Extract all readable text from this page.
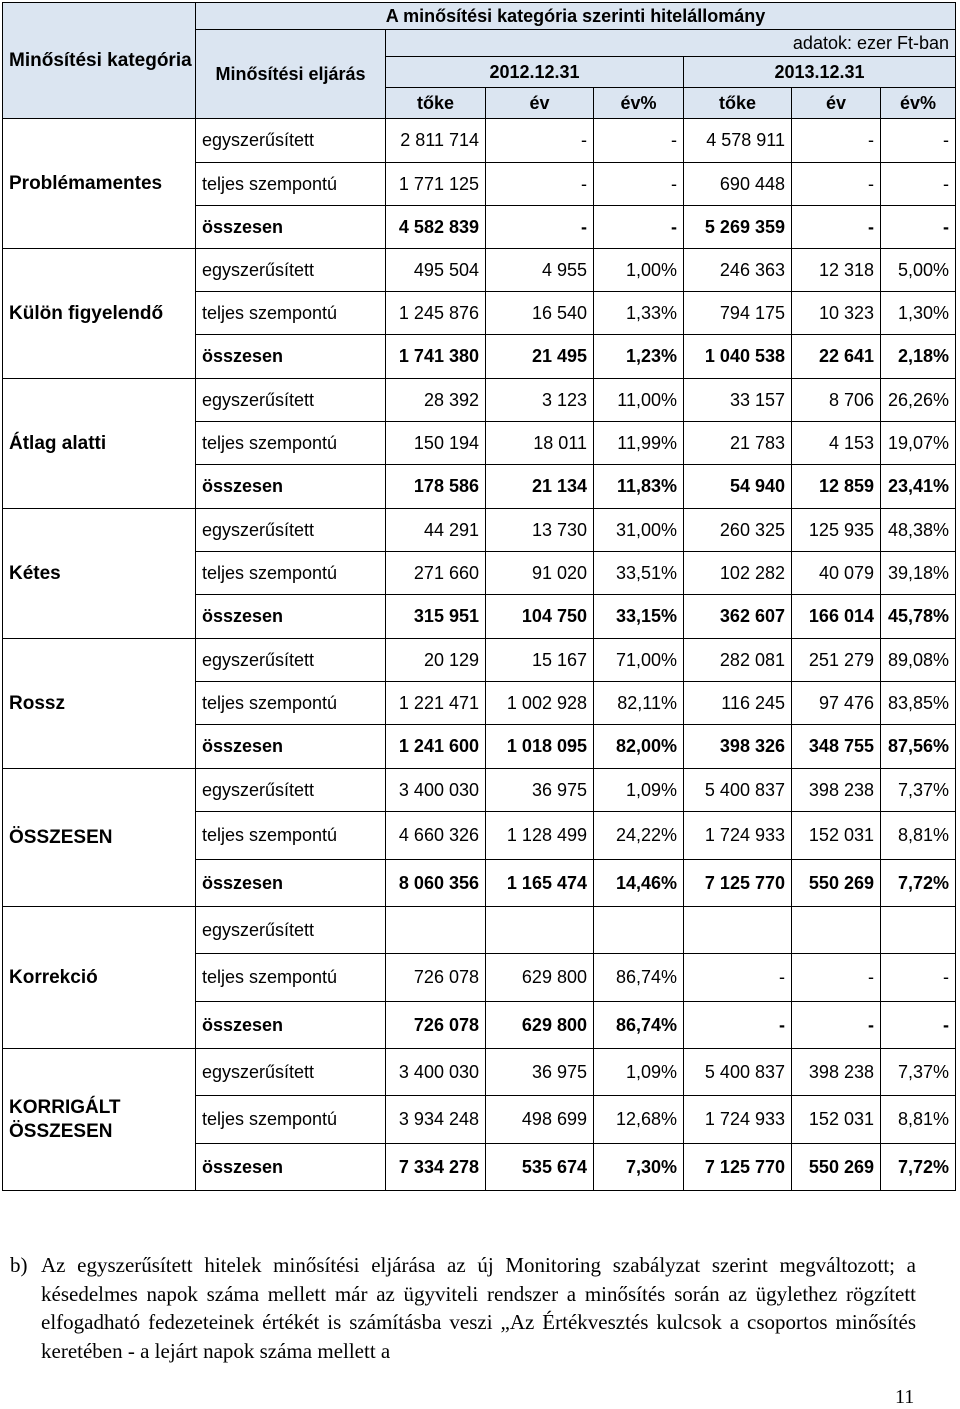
Minősítési kategória	A minősítési kategória szerinti hitelállomány						
	Minősítési eljárás	adatok: ezer Ft-ban					
		2012.12.31			2013.12.31		
		tőke	év	év%	tőke	év	év%
Problémamentes	egyszerűsített	2 811 714	-	-	4 578 911	-	-
	teljes szempontú	1 771 125	-	-	690 448	-	-
	összesen	4 582 839	-	-	5 269 359	-	-
Külön figyelendő	egyszerűsített	495 504	4 955	1,00%	246 363	12 318	5,00%
	teljes szempontú	1 245 876	16 540	1,33%	794 175	10 323	1,30%
	összesen	1 741 380	21 495	1,23%	1 040 538	22 641	2,18%
Átlag alatti	egyszerűsített	28 392	3 123	11,00%	33 157	8 706	26,26%
	teljes szempontú	150 194	18 011	11,99%	21 783	4 153	19,07%
	összesen	178 586	21 134	11,83%	54 940	12 859	23,41%
Kétes	egyszerűsített	44 291	13 730	31,00%	260 325	125 935	48,38%
	teljes szempontú	271 660	91 020	33,51%	102 282	40 079	39,18%
	összesen	315 951	104 750	33,15%	362 607	166 014	45,78%
Rossz	egyszerűsített	20 129	15 167	71,00%	282 081	251 279	89,08%
	teljes szempontú	1 221 471	1 002 928	82,11%	116 245	97 476	83,85%
	összesen	1 241 600	1 018 095	82,00%	398 326	348 755	87,56%
ÖSSZESEN	egyszerűsített	3 400 030	36 975	1,09%	5 400 837	398 238	7,37%
	teljes szempontú	4 660 326	1 128 499	24,22%	1 724 933	152 031	8,81%
	összesen	8 060 356	1 165 474	14,46%	7 125 770	550 269	7,72%
Korrekció	egyszerűsített						
	teljes szempontú	726 078	629 800	86,74%	-	-	-
	összesen	726 078	629 800	86,74%	-	-	-
KORRIGÁLT ÖSSZESEN	egyszerűsített	3 400 030	36 975	1,09%	5 400 837	398 238	7,37%
	teljes szempontú	3 934 248	498 699	12,68%	1 724 933	152 031	8,81%
	összesen	7 334 278	535 674	7,30%	7 125 770	550 269	7,72%
b) Az egyszerűsített hitelek minősítési eljárása az új Monitoring szabályzat szerint megváltozott; a késedelmes napok száma mellett már az ügyviteli rendszer a minősítés során az ügylethez rögzített elfogadható fedezeteinek értékét is számításba veszi „Az Értékvesztés kulcsok a csoportos minősítés keretében - a lejárt napok száma mellett a
11
